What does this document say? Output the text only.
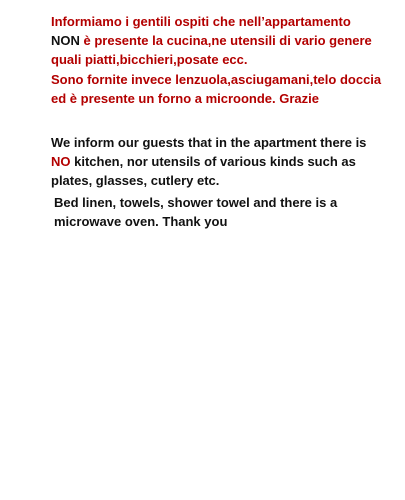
Informiamo i gentili ospiti che nell’appartamento
NON è presente la cucina,ne utensili di vario genere
quali piatti,bicchieri,posate ecc.

Sono fornite invece lenzuola,asciugamani,telo doccia
ed è presente un forno a microonde. Grazie

We inform our guests that in the apartment there is
NO kitchen, nor utensils of various kinds such as
plates, glasses, cutlery etc.

Bed linen, towels, shower towel and there is a
microwave oven. Thank you
